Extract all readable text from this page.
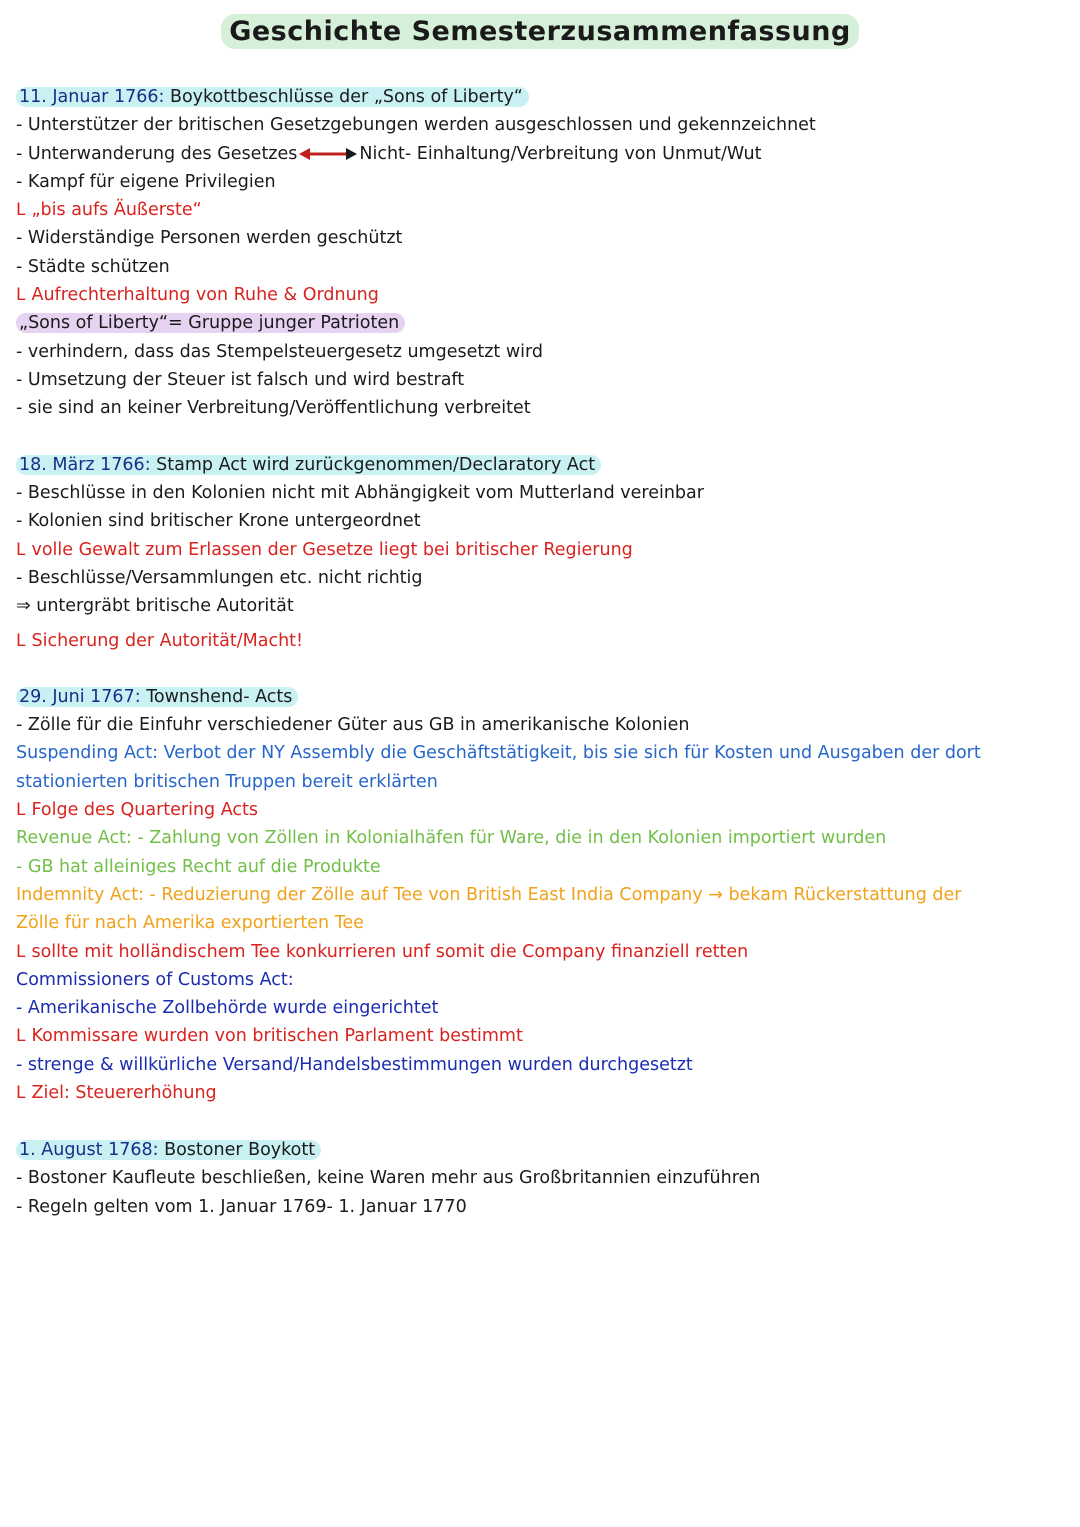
Geschichte Semesterzusammenfassung
11. Januar 1766: Boykottbeschlüsse der „Sons of Liberty“
- Unterstützer der britischen Gesetzgebungen werden ausgeschlossen und gekennzeichnet
- Unterwanderung des Gesetzes	Nicht- Einhaltung/Verbreitung von Unmut/Wut
- Kampf für eigene Privilegien
L „bis aufs Äußerste“
- Widerständige Personen werden geschützt
- Städte schützen
L Aufrechterhaltung von Ruhe & Ordnung
„Sons of Liberty“= Gruppe junger Patrioten
- verhindern, dass das Stempelsteuergesetz umgesetzt wird
- Umsetzung der Steuer ist falsch und wird bestraft
- sie sind an keiner Verbreitung/Veröffentlichung verbreitet
18. März 1766: Stamp Act wird zurückgenommen/Declaratory Act
- Beschlüsse in den Kolonien nicht mit Abhängigkeit vom Mutterland vereinbar
- Kolonien sind britischer Krone untergeordnet
L volle Gewalt zum Erlassen der Gesetze liegt bei britischer Regierung
- Beschlüsse/Versammlungen etc. nicht richtig
⇒ untergräbt britische Autorität
L Sicherung der Autorität/Macht!
29. Juni 1767: Townshend- Acts
- Zölle für die Einfuhr verschiedener Güter aus GB in amerikanische Kolonien
Suspending Act: Verbot der NY Assembly die Geschäftstätigkeit, bis sie sich für Kosten und Ausgaben der dort
stationierten britischen Truppen bereit erklärten
L Folge des Quartering Acts
Revenue Act: - Zahlung von Zöllen in Kolonialhäfen für Ware, die in den Kolonien importiert wurden
- GB hat alleiniges Recht auf die Produkte
Indemnity Act: - Reduzierung der Zölle auf Tee von British East India Company → bekam Rückerstattung der
Zölle für nach Amerika exportierten Tee
L sollte mit holländischem Tee konkurrieren unf somit die Company finanziell retten
Commissioners of Customs Act:
- Amerikanische Zollbehörde wurde eingerichtet
L Kommissare wurden von britischen Parlament bestimmt
- strenge & willkürliche Versand/Handelsbestimmungen wurden durchgesetzt
L Ziel: Steuererhöhung
1. August 1768: Bostoner Boykott
- Bostoner Kaufleute beschließen, keine Waren mehr aus Großbritannien einzuführen
- Regeln gelten vom 1. Januar 1769- 1. Januar 1770
